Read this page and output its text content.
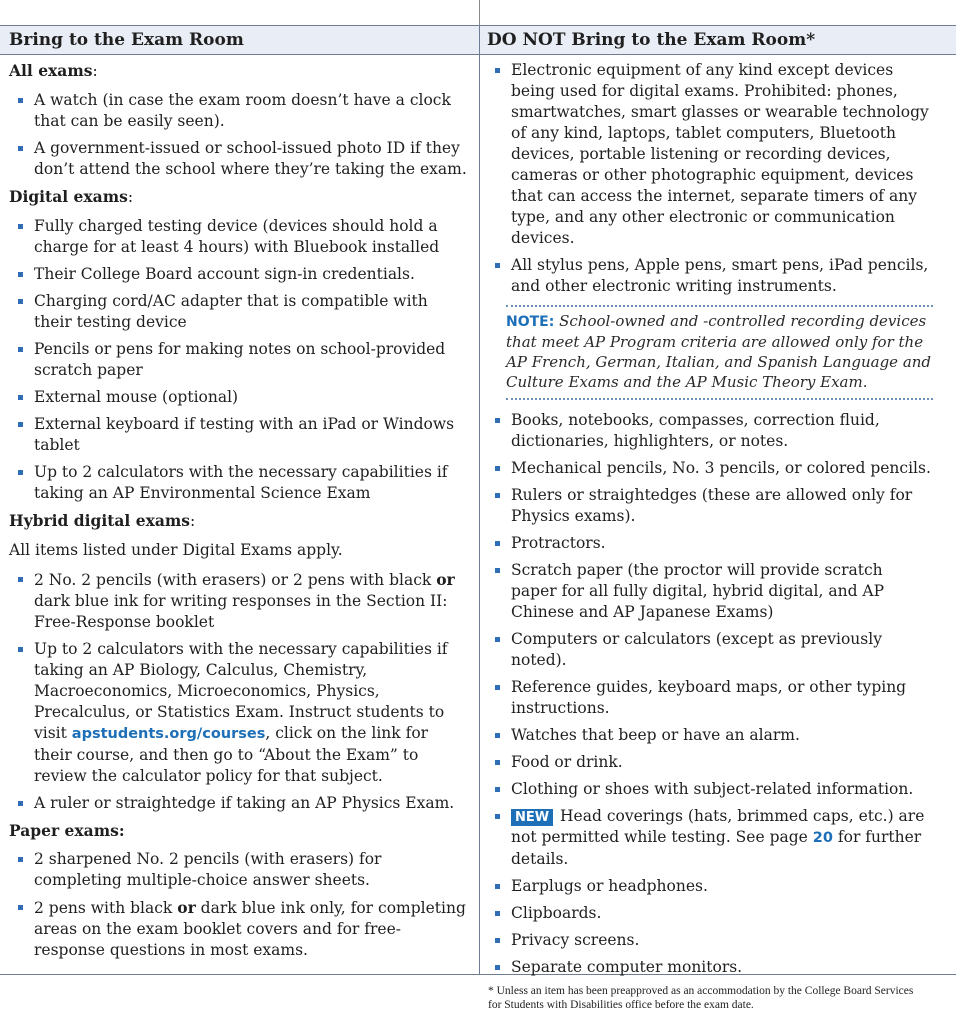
Bring to the Exam Room	DO NOT Bring to the Exam Room*
All exams:
A watch (in case the exam room doesn’t have a clock that can be easily seen).
A government-issued or school-issued photo ID if they don’t attend the school where they’re taking the exam.
Digital exams:
Fully charged testing device (devices should hold a charge for at least 4 hours) with Bluebook installed
Their College Board account sign-in credentials.
Charging cord/AC adapter that is compatible with their testing device
Pencils or pens for making notes on school-provided scratch paper
External mouse (optional)
External keyboard if testing with an iPad or Windows tablet
Up to 2 calculators with the necessary capabilities if taking an AP Environmental Science Exam
Hybrid digital exams:
All items listed under Digital Exams apply.
2 No. 2 pencils (with erasers) or 2 pens with black or dark blue ink for writing responses in the Section II: Free-Response booklet
Up to 2 calculators with the necessary capabilities if taking an AP Biology, Calculus, Chemistry, Macroeconomics, Microeconomics, Physics, Precalculus, or Statistics Exam. Instruct students to visit apstudents.org/courses, click on the link for their course, and then go to “About the Exam” to review the calculator policy for that subject.
A ruler or straightedge if taking an AP Physics Exam.
Paper exams:
2 sharpened No. 2 pencils (with erasers) for completing multiple-choice answer sheets.
2 pens with black or dark blue ink only, for completing areas on the exam booklet covers and for free-response questions in most exams.
Electronic equipment of any kind except devices being used for digital exams. Prohibited: phones, smartwatches, smart glasses or wearable technology of any kind, laptops, tablet computers, Bluetooth devices, portable listening or recording devices, cameras or other photographic equipment, devices that can access the internet, separate timers of any type, and any other electronic or communication devices.
All stylus pens, Apple pens, smart pens, iPad pencils, and other electronic writing instruments.
NOTE: School-owned and -controlled recording devices that meet AP Program criteria are allowed only for the AP French, German, Italian, and Spanish Language and Culture Exams and the AP Music Theory Exam.
Books, notebooks, compasses, correction fluid, dictionaries, highlighters, or notes.
Mechanical pencils, No. 3 pencils, or colored pencils.
Rulers or straightedges (these are allowed only for Physics exams).
Protractors.
Scratch paper (the proctor will provide scratch paper for all fully digital, hybrid digital, and AP Chinese and AP Japanese Exams)
Computers or calculators (except as previously noted).
Reference guides, keyboard maps, or other typing instructions.
Watches that beep or have an alarm.
Food or drink.
Clothing or shoes with subject-related information.
NEW Head coverings (hats, brimmed caps, etc.) are not permitted while testing. See page 20 for further details.
Earplugs or headphones.
Clipboards.
Privacy screens.
Separate computer monitors.
* Unless an item has been preapproved as an accommodation by the College Board Services for Students with Disabilities office before the exam date.
